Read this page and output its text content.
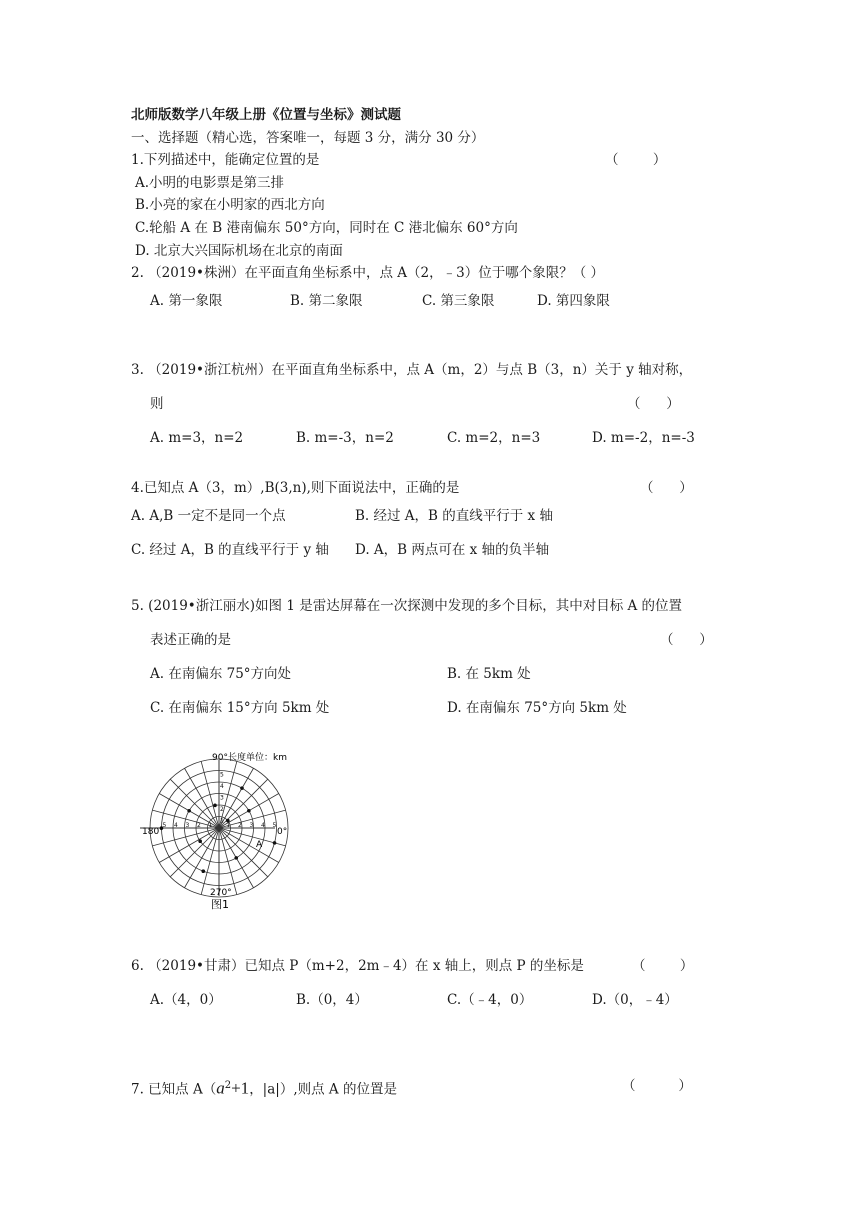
北师版数学八年级上册《位置与坐标》测试题
一、选择题（精心选，答案唯一，每题 3 分，满分 30 分）
1.下列描述中，能确定位置的是	（        ）
A.小明的电影票是第三排
B.小亮的家在小明家的西北方向
C.轮船 A 在 B 港南偏东 50°方向，同时在 C 港北偏东 60°方向
D. 北京大兴国际机场在北京的南面
2. （2019•株洲）在平面直角坐标系中，点 A（2，﹣3）位于哪个象限？（ ）
A. 第一象限	B. 第二象限	C. 第三象限	D. 第四象限
3. （2019•浙江杭州）在平面直角坐标系中，点 A（m，2）与点 B（3，n）关于 y 轴对称，
则	（      ）
A. m=3，n=2	B. m=-3，n=2	C. m=2，n=3	D. m=-2，n=-3
4.已知点 A（3，m）,B(3,n),则下面说法中，正确的是	（      ）
A. A,B 一定不是同一个点	B. 经过 A，B 的直线平行于 x 轴
C. 经过 A，B 的直线平行于 y 轴 D. A，B 两点可在 x 轴的负半轴
5. (2019•浙江丽水)如图 1 是雷达屏幕在一次探测中发现的多个目标，其中对目标 A 的位置
表述正确的是	（      ）
A. 在南偏东 75°方向处	B. 在 5km 处
C. 在南偏东 15°方向 5km 处	D. 在南偏东 75°方向 5km 处
90° 长度单位：km
180°	0°
270°
A
图1
1
1
1
2
2
2
3
3
3
4
4
4
5
5
5
6. （2019•甘肃）已知点 P（m+2，2m﹣4）在 x 轴上，则点 P 的坐标是	（        ）
A.（4，0）	B.（0，4）	C.（﹣4，0）	D.（0，﹣4）
7. 已知点 $A(a^2+1$，|a|）,则点 A 的位置是	（          ）
